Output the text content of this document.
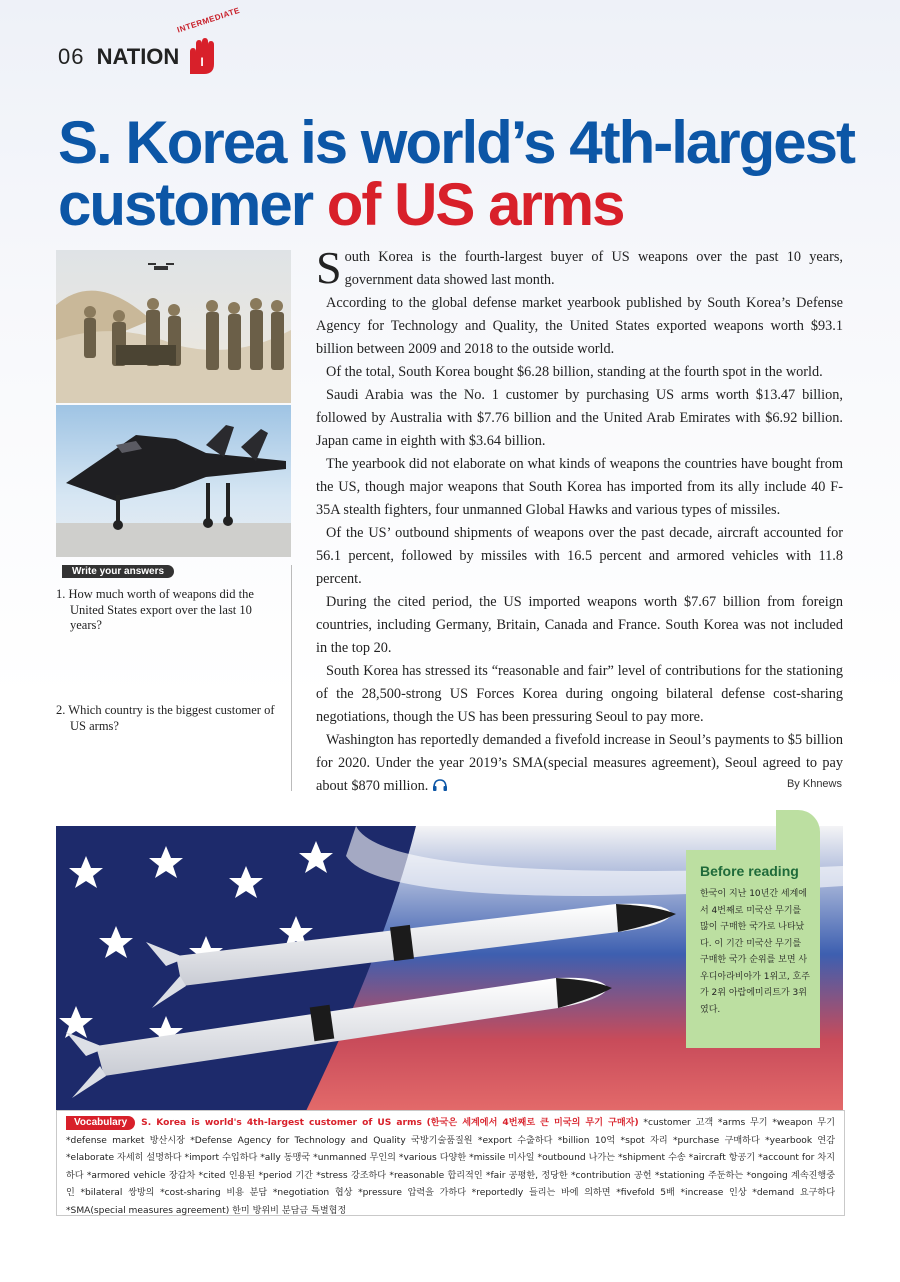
06 NATION I
INTERMEDIATE
S. Korea is world’s 4th-largest customer of US arms
Write your answers
1. How much worth of weapons did the United States export over the last 10 years?
2. Which country is the biggest customer of US arms?

South Korea is the fourth-largest buyer of US weapons over the past 10 years, government data showed last month.

According to the global defense market yearbook published by South Korea’s Defense Agency for Technology and Quality, the United States exported weapons worth $93.1 billion between 2009 and 2018 to the outside world.

Of the total, South Korea bought $6.28 billion, standing at the fourth spot in the world.

Saudi Arabia was the No. 1 customer by purchasing US arms worth $13.47 billion, followed by Australia with $7.76 billion and the United Arab Emirates with $6.92 billion. Japan came in eighth with $3.64 billion.

The yearbook did not elaborate on what kinds of weapons the countries have bought from the US, though major weapons that South Korea has imported from its ally include 40 F-35A stealth fighters, four unmanned Global Hawks and various types of missiles.

Of the US’ outbound shipments of weapons over the past decade, aircraft accounted for 56.1 percent, followed by missiles with 16.5 percent and armored vehicles with 11.8 percent.

During the cited period, the US imported weapons worth $7.67 billion from foreign countries, including Germany, Britain, Canada and France. South Korea was not included in the top 20.

South Korea has stressed its “reasonable and fair” level of contributions for the stationing of the 28,500-strong US Forces Korea during ongoing bilateral defense cost-sharing negotiations, though the US has been pressuring Seoul to pay more.

Washington has reportedly demanded a fivefold increase in Seoul’s payments to $5 billion for 2020. Under the year 2019’s SMA(special measures agreement), Seoul agreed to pay about $870 million.	By Khnews
Before reading
한국이 지난 10년간 세계에서 4번째로 미국산 무기를 많이 구매한 국가로 나타났다. 이 기간 미국산 무기를 구매한 국가 순위를 보면 사우디아라비아가 1위고, 호주가 2위 아랍에미리트가 3위였다.
Vocabulary S. Korea is world's 4th-largest customer of US arms (한국은 세계에서 4번째로 큰 미국의 무기 구매자) *customer 고객 *arms 무기 *weapon 무기 *defense market 방산시장 *Defense Agency for Technology and Quality 국방기술품질원 *export 수출하다 *billion 10억 *spot 자리 *purchase 구매하다 *yearbook 연감 *elaborate 자세히 설명하다 *import 수입하다 *ally 동맹국 *unmanned 무인의 *various 다양한 *missile 미사일 *outbound 나가는 *shipment 수송 *aircraft 항공기 *account for 차지하다 *armored vehicle 장갑차 *cited 인용된 *period 기간 *stress 강조하다 *reasonable 합리적인 *fair 공평한, 정당한 *contribution 공헌 *stationing 주둔하는 *ongoing 계속진행중인 *bilateral 쌍방의 *cost-sharing 비용 분담 *negotiation 협상 *pressure 압력을 가하다 *reportedly 들리는 바에 의하면 *fivefold 5배 *increase 인상 *demand 요구하다 *SMA(special measures agreement) 한미 방위비 분담금 특별협정
